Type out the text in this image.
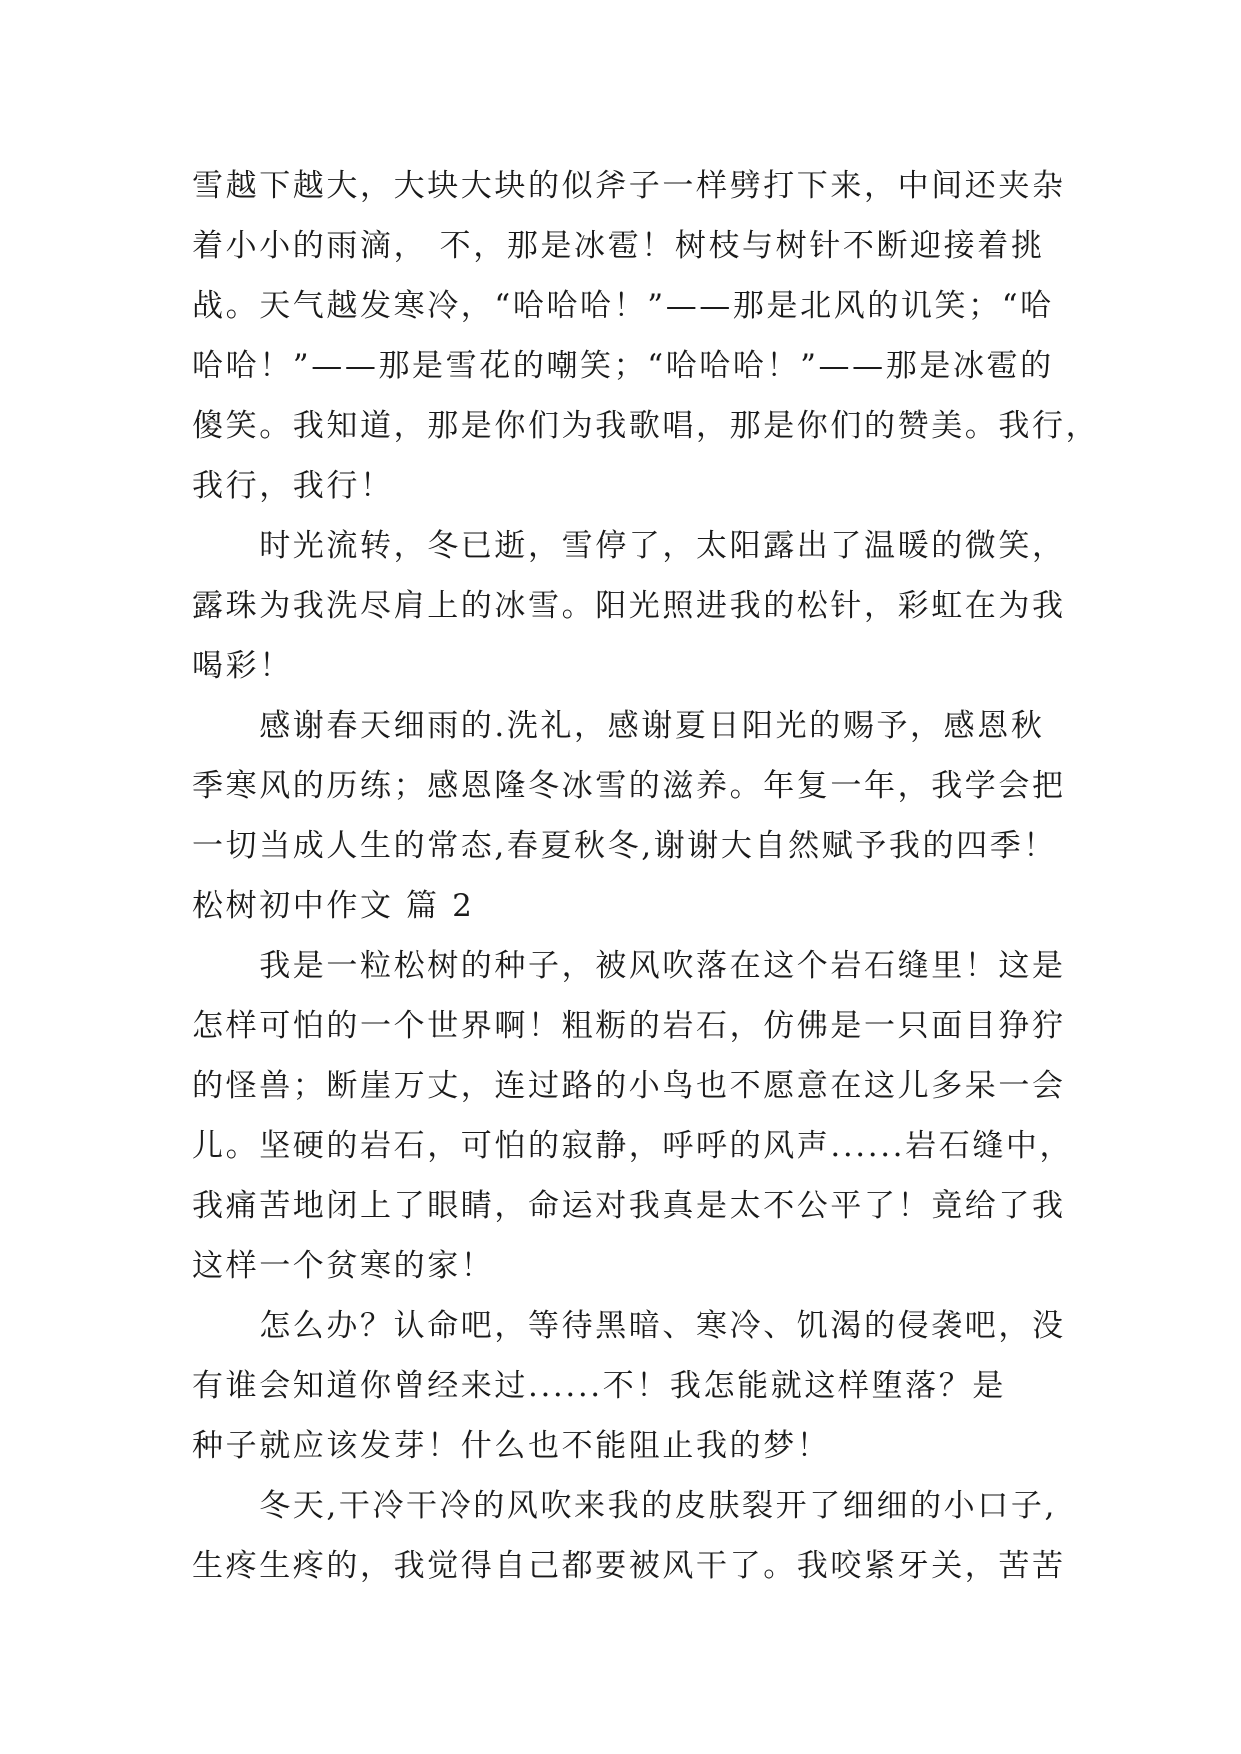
雪越下越大，大块大块的似斧子一样劈打下来，中间还夹杂
着小小的雨滴， 不，那是冰雹！树枝与树针不断迎接着挑
战。天气越发寒冷，“哈哈哈！”——那是北风的讥笑；“哈
哈哈！”——那是雪花的嘲笑；“哈哈哈！”——那是冰雹的
傻笑。我知道，那是你们为我歌唱，那是你们的赞美。我行，
我行，我行！
　　时光流转，冬已逝，雪停了，太阳露出了温暖的微笑，
露珠为我洗尽肩上的冰雪。阳光照进我的松针，彩虹在为我
喝彩！
　　感谢春天细雨的.洗礼，感谢夏日阳光的赐予，感恩秋
季寒风的历练；感恩隆冬冰雪的滋养。年复一年，我学会把
一切当成人生的常态,春夏秋冬,谢谢大自然赋予我的四季！
松树初中作文 篇 2
　　我是一粒松树的种子，被风吹落在这个岩石缝里！这是
怎样可怕的一个世界啊！粗粝的岩石，仿佛是一只面目狰狞
的怪兽；断崖万丈，连过路的小鸟也不愿意在这儿多呆一会
儿。坚硬的岩石，可怕的寂静，呼呼的风声......岩石缝中，
我痛苦地闭上了眼睛，命运对我真是太不公平了！竟给了我
这样一个贫寒的家！
　　怎么办？认命吧，等待黑暗、寒冷、饥渴的侵袭吧，没
有谁会知道你曾经来过......不！我怎能就这样堕落？是
种子就应该发芽！什么也不能阻止我的梦！
　　冬天,干冷干冷的风吹来我的皮肤裂开了细细的小口子,
生疼生疼的，我觉得自己都要被风干了。我咬紧牙关，苦苦
